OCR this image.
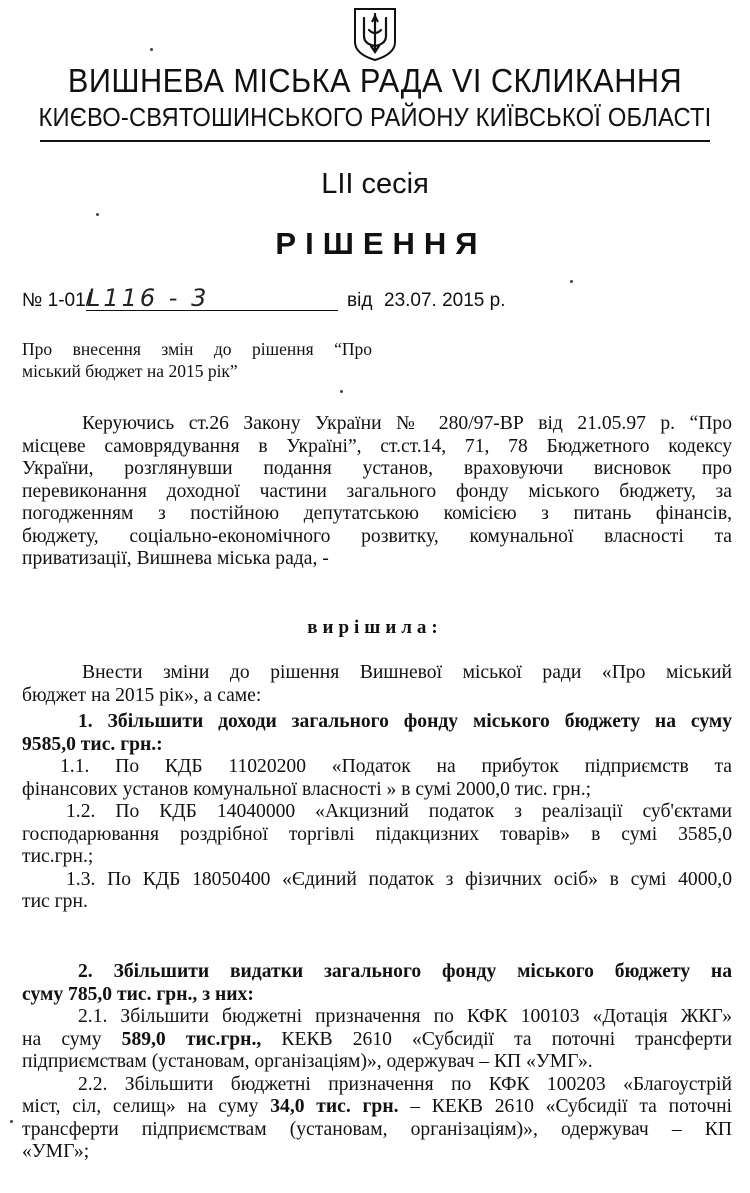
ВИШНЕВА МІСЬКА РАДА VI СКЛИКАННЯ
КИЄВО-СВЯТОШИНСЬКОГО РАЙОНУ КИЇВСЬКОЇ ОБЛАСТІ
LII сесія
РІШЕННЯ
№ 1-01/
L116 - 3	від 23.07. 2015 р.
Про внесення змін до рішення “Про
міський бюджет на 2015 рік”
Керуючись ст.26 Закону України № 280/97-ВР від 21.05.97 р. “Про
місцеве самоврядування в Україні”, ст.ст.14, 71, 78 Бюджетного кодексу
України, розглянувши подання установ, враховуючи висновок про
перевиконання доходної частини загального фонду міського бюджету, за
погодженням з постійною депутатською комісією з питань фінансів,
бюджету, соціально-економічного розвитку, комунальної власності та
приватизації, Вишнева міська рада, -
вирішила:
Внести зміни до рішення Вишневої міської ради «Про міський
бюджет на 2015 рік», а саме:
1. Збільшити доходи загального фонду міського бюджету на суму
9585,0 тис. грн.:
1.1. По КДБ 11020200 «Податок на прибуток підприємств та
фінансових установ комунальної власності » в сумі 2000,0 тис. грн.;
1.2. По КДБ 14040000 «Акцизний податок з реалізації суб'єктами
господарювання роздрібної торгівлі підакцизних товарів» в сумі 3585,0
тис.грн.;
1.3. По КДБ 18050400 «Єдиний податок з фізичних осіб» в сумі 4000,0
тис грн.
2. Збільшити видатки загального фонду міського бюджету на
суму 785,0 тис. грн., з них:
2.1. Збільшити бюджетні призначення по КФК 100103 «Дотація ЖКГ»
на суму 589,0 тис.грн., КЕКВ 2610 «Субсидії та поточні трансферти
підприємствам (установам, організаціям)», одержувач – КП «УМГ».
2.2. Збільшити бюджетні призначення по КФК 100203 «Благоустрій
міст, сіл, селищ» на суму 34,0 тис. грн. – КЕКВ 2610 «Субсидії та поточні
трансферти підприємствам (установам, організаціям)», одержувач – КП
«УМГ»;
